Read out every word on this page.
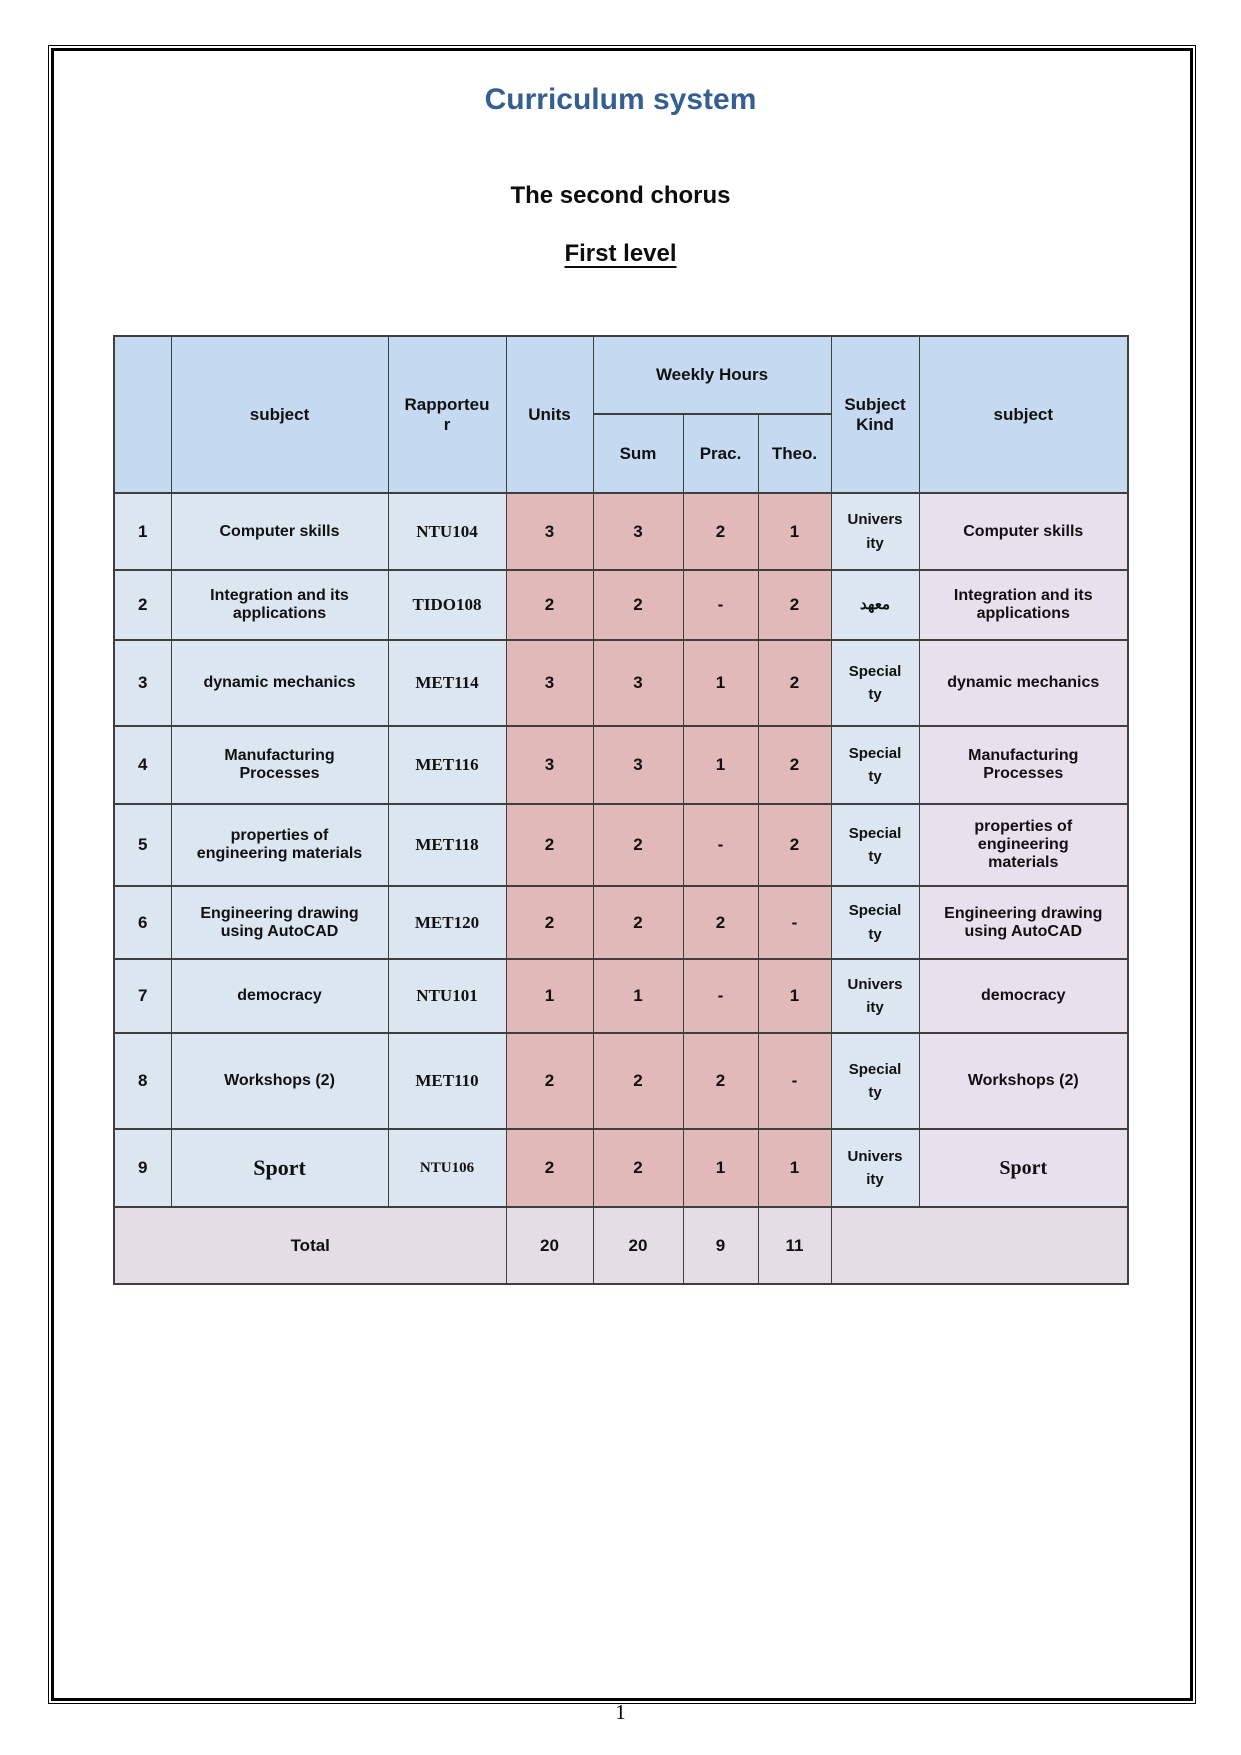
Curriculum system
The second chorus
First level
	subject	Rapporteur	Units	Weekly Hours			Subject Kind	subject
				Sum	Prac.	Theo.		
1	Computer skills	NTU104	3	3	2	1	University	Computer skills
2	Integration and its applications	TIDO108	2	2	-	2	معهد	Integration and its applications
3	dynamic mechanics	MET114	3	3	1	2	Specialty	dynamic mechanics
4	Manufacturing Processes	MET116	3	3	1	2	Specialty	Manufacturing Processes
5	properties of engineering materials	MET118	2	2	-	2	Specialty	properties of engineering materials
6	Engineering drawing using AutoCAD	MET120	2	2	2	-	Specialty	Engineering drawing using AutoCAD
7	democracy	NTU101	1	1	-	1	University	democracy
8	Workshops (2)	MET110	2	2	2	-	Specialty	Workshops (2)
9	Sport	NTU106	2	2	1	1	University	Sport
Total			20	20	9	11		
1
